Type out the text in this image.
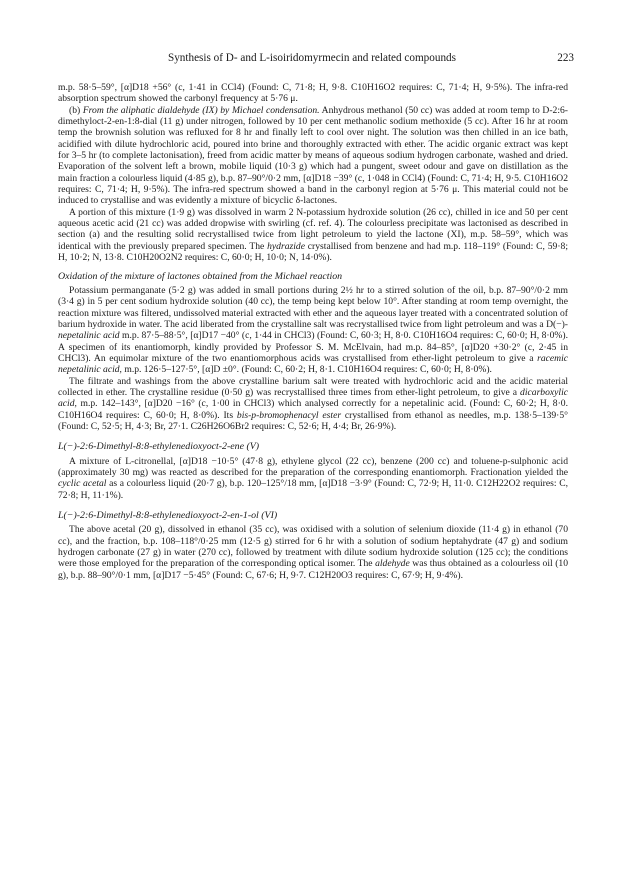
Synthesis of D- and L-isoiridomyrmecin and related compounds	223

m.p. 58·5–59°, [α]D18 +56° (c, 1·41 in CCl4) (Found: C, 71·8; H, 9·8. C10H16O2 requires: C, 71·4; H, 9·5%). The infra-red absorption spectrum showed the carbonyl frequency at 5·76 μ.

(b) From the aliphatic dialdehyde (IX) by Michael condensation. Anhydrous methanol (50 cc) was added at room temp to D-2:6-dimethyloct-2-en-1:8-dial (11 g) under nitrogen, followed by 10 per cent methanolic sodium methoxide (5 cc). After 16 hr at room temp the brownish solution was refluxed for 8 hr and finally left to cool over night. The solution was then chilled in an ice bath, acidified with dilute hydrochloric acid, poured into brine and thoroughly extracted with ether. The acidic organic extract was kept for 3–5 hr (to complete lactonisation), freed from acidic matter by means of aqueous sodium hydrogen carbonate, washed and dried. Evaporation of the solvent left a brown, mobile liquid (10·3 g) which had a pungent, sweet odour and gave on distillation as the main fraction a colourless liquid (4·85 g), b.p. 87–90°/0·2 mm, [α]D18 −39° (c, 1·048 in CCl4) (Found: C, 71·4; H, 9·5. C10H16O2 requires: C, 71·4; H, 9·5%). The infra-red spectrum showed a band in the carbonyl region at 5·76 μ. This material could not be induced to crystallise and was evidently a mixture of bicyclic δ-lactones.

A portion of this mixture (1·9 g) was dissolved in warm 2 N-potassium hydroxide solution (26 cc), chilled in ice and 50 per cent aqueous acetic acid (21 cc) was added dropwise with swirling (cf. ref. 4). The colourless precipitate was lactonised as described in section (a) and the resulting solid recrystallised twice from light petroleum to yield the lactone (XI), m.p. 58–59°, which was identical with the previously prepared specimen. The hydrazide crystallised from benzene and had m.p. 118–119° (Found: C, 59·8; H, 10·2; N, 13·8. C10H20O2N2 requires: C, 60·0; H, 10·0; N, 14·0%).

Oxidation of the mixture of lactones obtained from the Michael reaction

Potassium permanganate (5·2 g) was added in small portions during 2½ hr to a stirred solution of the oil, b.p. 87–90°/0·2 mm (3·4 g) in 5 per cent sodium hydroxide solution (40 cc), the temp being kept below 10°. After standing at room temp overnight, the reaction mixture was filtered, undissolved material extracted with ether and the aqueous layer treated with a concentrated solution of barium hydroxide in water. The acid liberated from the crystalline salt was recrystallised twice from light petroleum and was a D(−)-nepetalinic acid m.p. 87·5–88·5°, [α]D17 −40° (c, 1·44 in CHCl3) (Found: C, 60·3; H, 8·0. C10H16O4 requires: C, 60·0; H, 8·0%). A specimen of its enantiomorph, kindly provided by Professor S. M. McElvain, had m.p. 84–85°, [α]D20 +30·2° (c, 2·45 in CHCl3). An equimolar mixture of the two enantiomorphous acids was crystallised from ether-light petroleum to give a racemic nepetalinic acid, m.p. 126·5–127·5°, [α]D ±0°. (Found: C, 60·2; H, 8·1. C10H16O4 requires: C, 60·0; H, 8·0%).

The filtrate and washings from the above crystalline barium salt were treated with hydrochloric acid and the acidic material collected in ether. The crystalline residue (0·50 g) was recrystallised three times from ether-light petroleum, to give a dicarboxylic acid, m.p. 142–143°, [α]D20 −16° (c, 1·00 in CHCl3) which analysed correctly for a nepetalinic acid. (Found: C, 60·2; H, 8·0. C10H16O4 requires: C, 60·0; H, 8·0%). Its bis-p-bromophenacyl ester crystallised from ethanol as needles, m.p. 138·5–139·5° (Found: C, 52·5; H, 4·3; Br, 27·1. C26H26O6Br2 requires: C, 52·6; H, 4·4; Br, 26·9%).

L(−)-2:6-Dimethyl-8:8-ethylenedioxyoct-2-ene (V)

A mixture of L-citronellal, [α]D18 −10·5° (47·8 g), ethylene glycol (22 cc), benzene (200 cc) and toluene-p-sulphonic acid (approximately 30 mg) was reacted as described for the preparation of the corresponding enantiomorph. Fractionation yielded the cyclic acetal as a colourless liquid (20·7 g), b.p. 120–125°/18 mm, [α]D18 −3·9° (Found: C, 72·9; H, 11·0. C12H22O2 requires: C, 72·8; H, 11·1%).

L(−)-2:6-Dimethyl-8:8-ethylenedioxyoct-2-en-1-ol (VI)

The above acetal (20 g), dissolved in ethanol (35 cc), was oxidised with a solution of selenium dioxide (11·4 g) in ethanol (70 cc), and the fraction, b.p. 108–118°/0·25 mm (12·5 g) stirred for 6 hr with a solution of sodium heptahydrate (47 g) and sodium hydrogen carbonate (27 g) in water (270 cc), followed by treatment with dilute sodium hydroxide solution (125 cc); the conditions were those employed for the preparation of the corresponding optical isomer. The aldehyde was thus obtained as a colourless oil (10 g), b.p. 88–90°/0·1 mm, [α]D17 −5·45° (Found: C, 67·6; H, 9·7. C12H20O3 requires: C, 67·9; H, 9·4%).
